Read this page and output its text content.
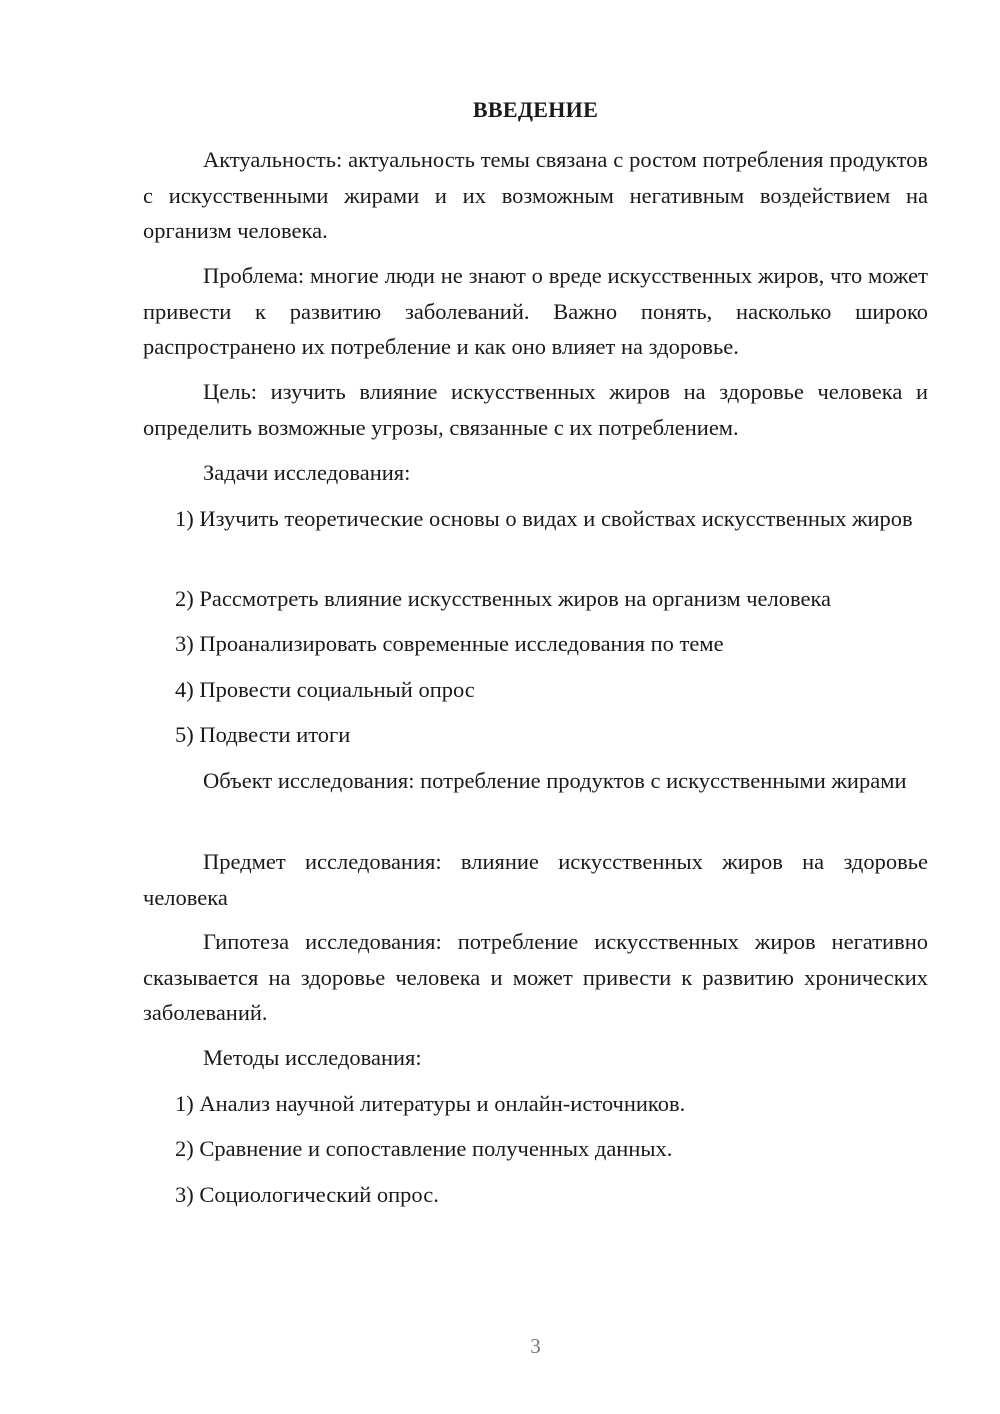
ВВЕДЕНИЕ

Актуальность: актуальность темы связана с ростом потребления продуктов с искусственными жирами и их возможным негативным воздействием на организм человека.

Проблема: многие люди не знают о вреде искусственных жиров, что может привести к развитию заболеваний. Важно понять, насколько широко распространено их потребление и как оно влияет на здоровье.

Цель: изучить влияние искусственных жиров на здоровье человека и определить возможные угрозы, связанные с их потреблением.

Задачи исследования:

1) Изучить теоретические основы о видах и свойствах искусственных жиров

2) Рассмотреть влияние искусственных жиров на организм человека

3) Проанализировать современные исследования по теме

4) Провести социальный опрос

5) Подвести итоги

Объект исследования: потребление продуктов с искусственными жирами

Предмет исследования: влияние искусственных жиров на здоровье человека

Гипотеза исследования: потребление искусственных жиров негативно сказывается на здоровье человека и может привести к развитию хронических заболеваний.

Методы исследования:

1) Анализ научной литературы и онлайн-источников.

2) Сравнение и сопоставление полученных данных.

3) Социологический опрос.

3
